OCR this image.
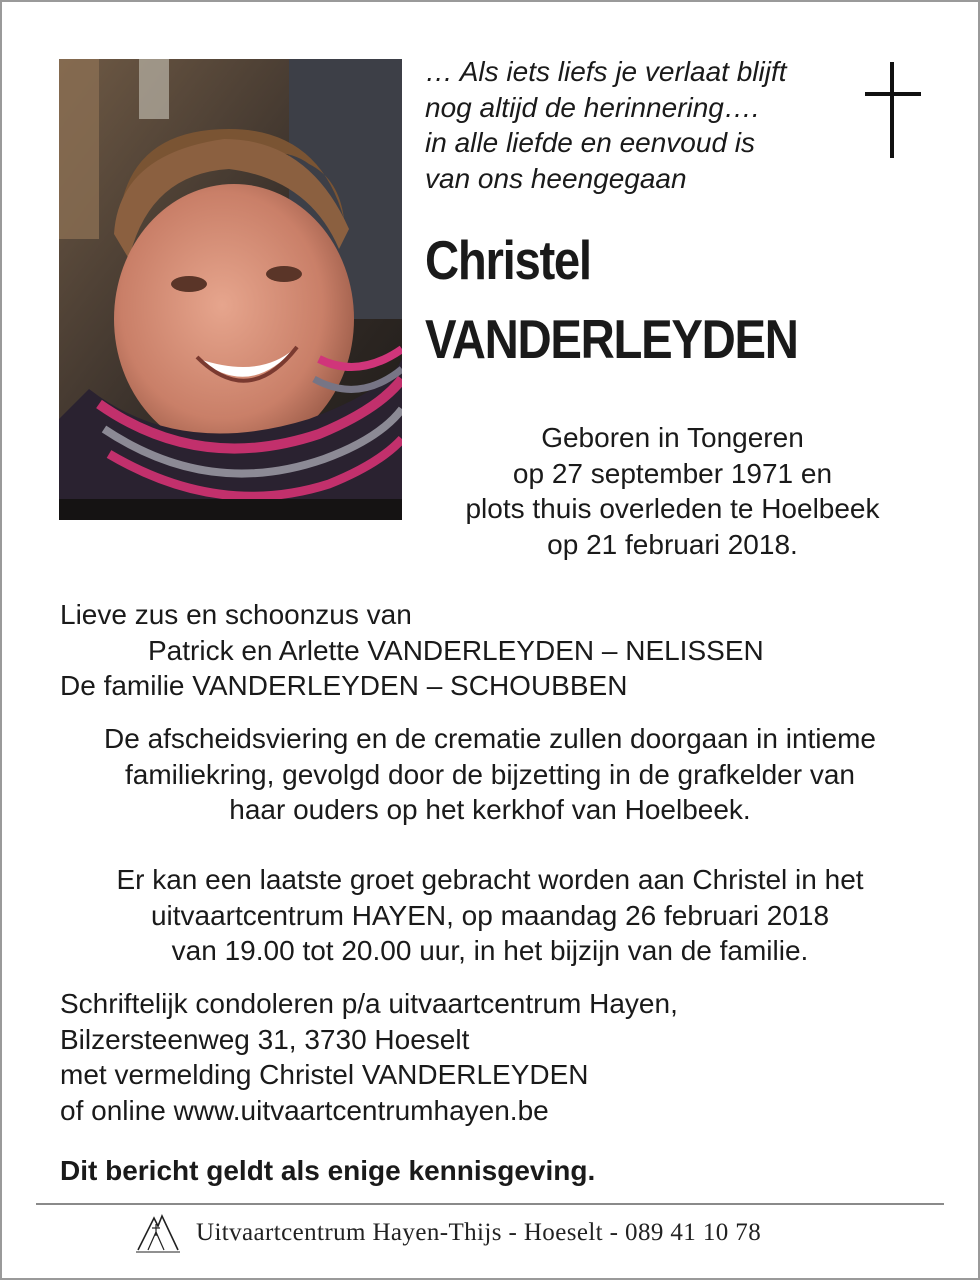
… Als iets liefs je verlaat blijft
nog altijd de herinnering….
in alle liefde en eenvoud is
van ons heengegaan
Christel
VANDERLEYDEN
Geboren in Tongeren
op 27 september 1971 en
plots thuis overleden te Hoelbeek
op 21 februari 2018.
Lieve zus en schoonzus van
Patrick en Arlette VANDERLEYDEN – NELISSEN
De familie VANDERLEYDEN – SCHOUBBEN
De afscheidsviering en de crematie zullen doorgaan in intieme
familiekring, gevolgd door de bijzetting in de grafkelder van
haar ouders op het kerkhof van Hoelbeek.
Er kan een laatste groet gebracht worden aan Christel in het
uitvaartcentrum HAYEN, op maandag 26 februari 2018
van 19.00 tot 20.00 uur, in het bijzijn van de familie.
Schriftelijk condoleren p/a uitvaartcentrum Hayen,
Bilzersteenweg 31, 3730 Hoeselt
met vermelding Christel VANDERLEYDEN
of online www.uitvaartcentrumhayen.be
Dit bericht geldt als enige kennisgeving.
Uitvaartcentrum Hayen-Thijs - Hoeselt - 089 41 10 78
